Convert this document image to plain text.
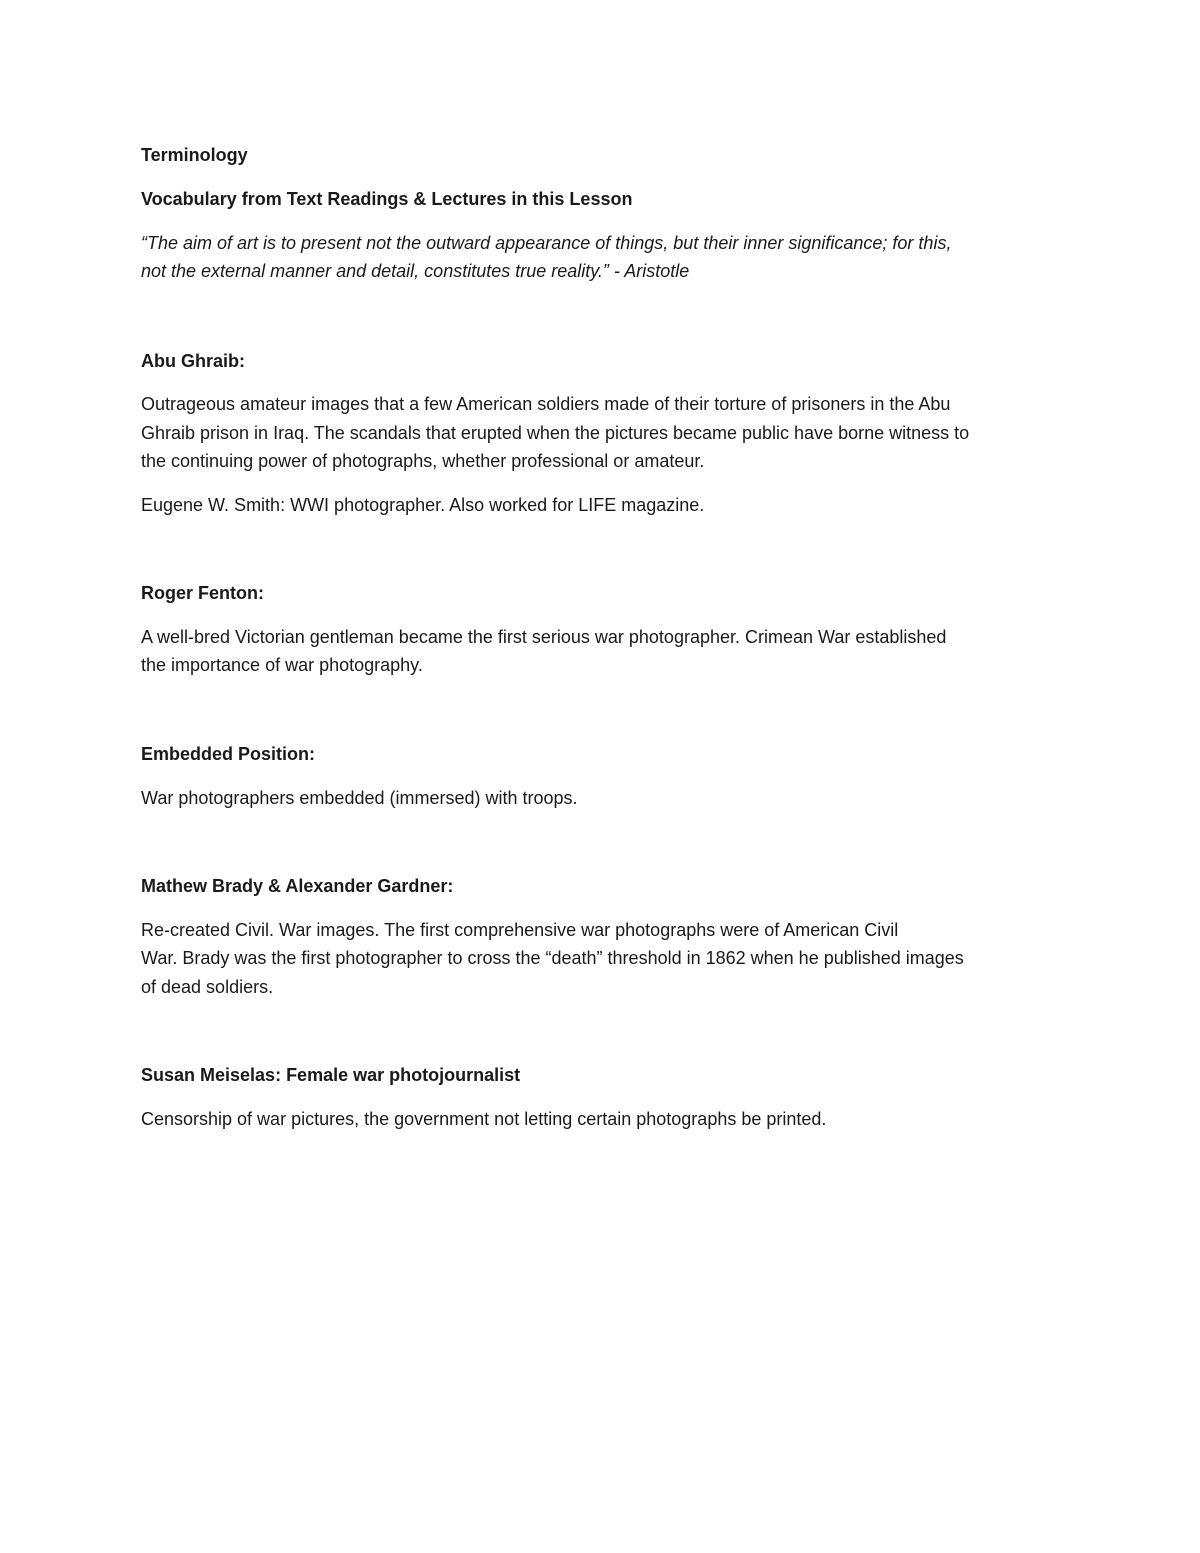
Terminology
Vocabulary from Text Readings & Lectures in this Lesson
“The aim of art is to present not the outward appearance of things, but their inner significance; for this,
not the external manner and detail, constitutes true reality.” - Aristotle
Abu Ghraib:
Outrageous amateur images that a few American soldiers made of their torture of prisoners in the Abu
Ghraib prison in Iraq. The scandals that erupted when the pictures became public have borne witness to
the continuing power of photographs, whether professional or amateur.
Eugene W. Smith: WWI photographer. Also worked for LIFE magazine.
Roger Fenton:
A well-bred Victorian gentleman became the first serious war photographer. Crimean War established
the importance of war photography.
Embedded Position:
War photographers embedded (immersed) with troops.
Mathew Brady & Alexander Gardner:
Re-created Civil. War images. The first comprehensive war photographs were of American Civil
War. Brady was the first photographer to cross the “death” threshold in 1862 when he published images
of dead soldiers.
Susan Meiselas: Female war photojournalist
Censorship of war pictures, the government not letting certain photographs be printed.
